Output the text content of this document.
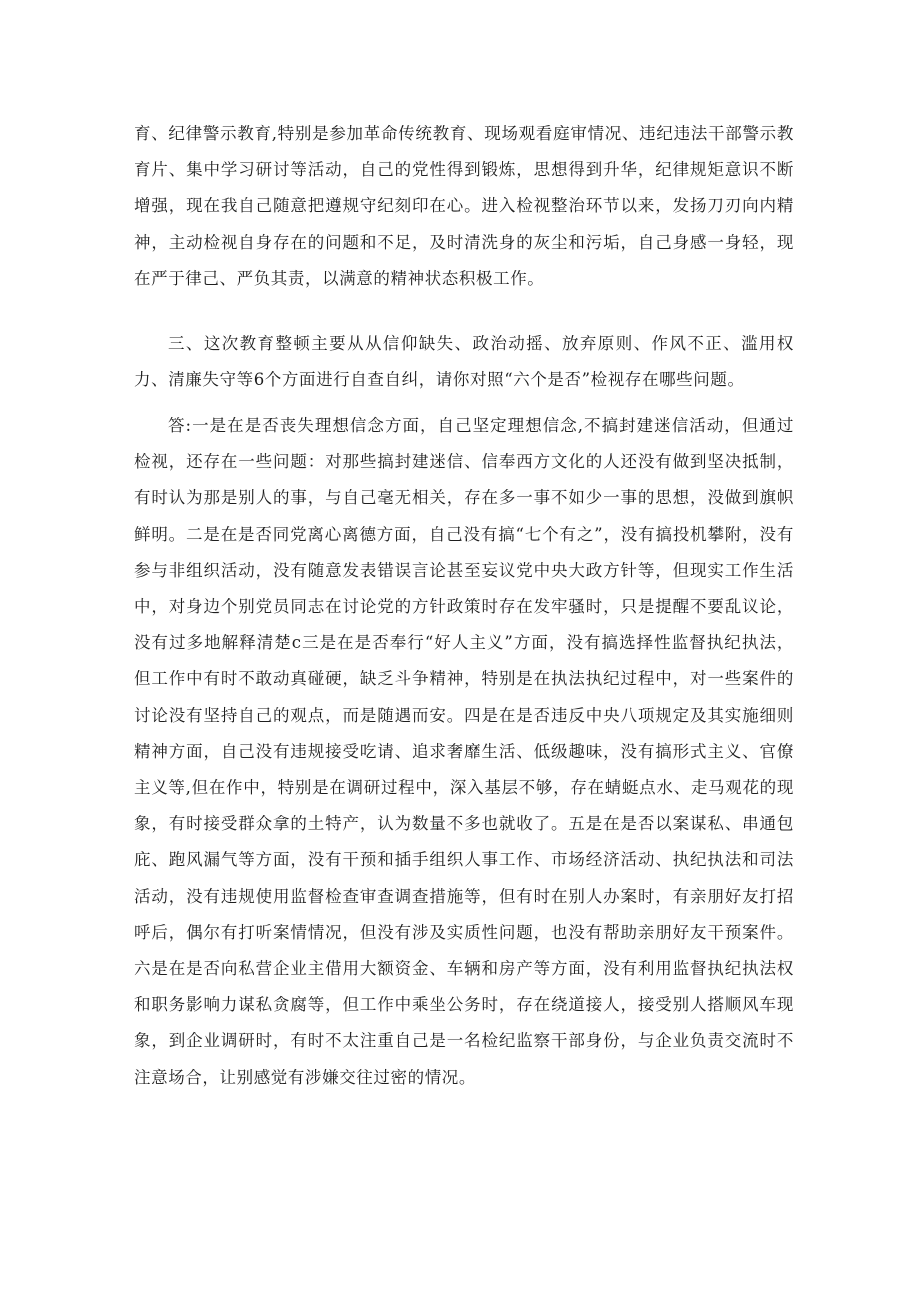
育、纪律警示教育,特别是参加革命传统教育、现场观看庭审情况、违纪违法干部警示教育片、集中学习研讨等活动，自己的党性得到锻炼，思想得到升华，纪律规矩意识不断增强，现在我自己随意把遵规守纪刻印在心。进入检视整治环节以来，发扬刀刃向内精神，主动检视自身存在的问题和不足，及时清洗身的灰尘和污垢，自己身感一身轻，现在严于律己、严负其责，以满意的精神状态积极工作。

三、这次教育整顿主要从从信仰缺失、政治动摇、放弃原则、作风不正、滥用权力、清廉失守等6个方面进行自查自纠，请你对照“六个是否”检视存在哪些问题。

答:一是在是否丧失理想信念方面，自己坚定理想信念,不搞封建迷信活动，但通过检视，还存在一些问题：对那些搞封建迷信、信奉西方文化的人还没有做到坚决抵制，有时认为那是别人的事，与自己毫无相关，存在多一事不如少一事的思想，没做到旗帜鲜明。二是在是否同党离心离德方面，自己没有搞“七个有之”，没有搞投机攀附，没有参与非组织活动，没有随意发表错误言论甚至妄议党中央大政方针等，但现实工作生活中，对身边个别党员同志在讨论党的方针政策时存在发牢骚时，只是提醒不要乱议论，没有过多地解释清楚c三是在是否奉行“好人主义”方面，没有搞选择性监督执纪执法，但工作中有时不敢动真碰硬，缺乏斗争精神，特别是在执法执纪过程中，对一些案件的讨论没有坚持自己的观点，而是随遇而安。四是在是否违反中央八项规定及其实施细则精神方面，自己没有违规接受吃请、追求奢靡生活、低级趣味，没有搞形式主义、官僚主义等,但在作中，特别是在调研过程中，深入基层不够，存在蜻蜓点水、走马观花的现象，有时接受群众拿的土特产，认为数量不多也就收了。五是在是否以案谋私、串通包庇、跑风漏气等方面，没有干预和插手组织人事工作、市场经济活动、执纪执法和司法活动，没有违规使用监督检查审查调查措施等，但有时在别人办案时，有亲朋好友打招呼后，偶尔有打听案情情况，但没有涉及实质性问题，也没有帮助亲朋好友干预案件。六是在是否向私营企业主借用大额资金、车辆和房产等方面，没有利用监督执纪执法权和职务影响力谋私贪腐等，但工作中乘坐公务时，存在绕道接人，接受别人搭顺风车现象，到企业调研时，有时不太注重自己是一名检纪监察干部身份，与企业负责交流时不注意场合，让别感觉有涉嫌交往过密的情况。
